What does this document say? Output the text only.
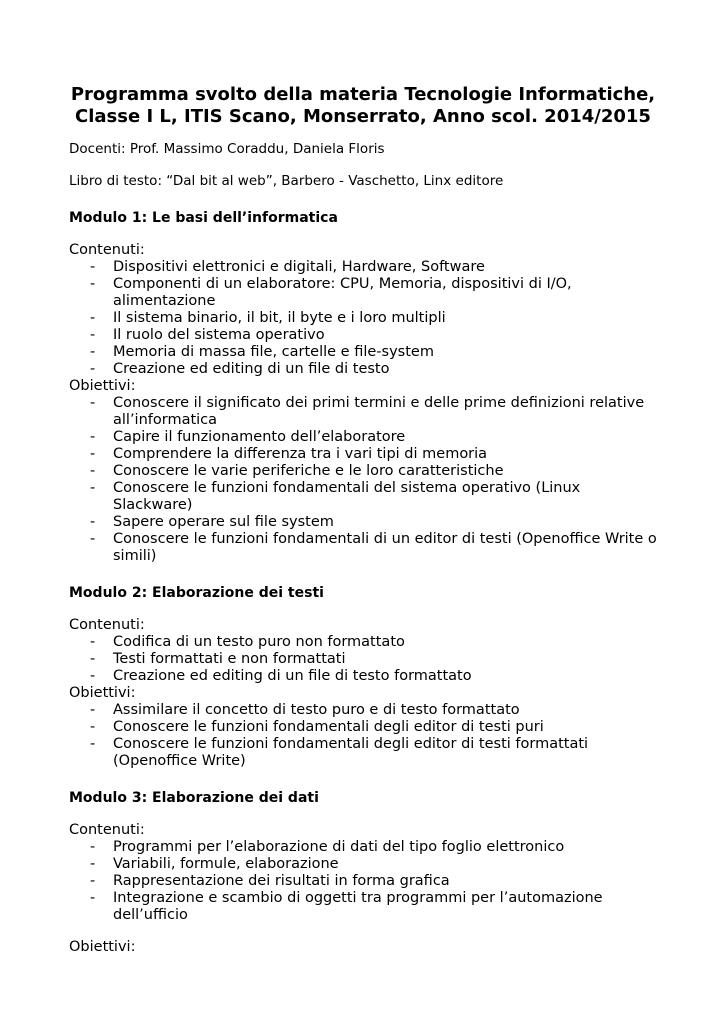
Programma svolto della materia Tecnologie Informatiche,
Classe I L, ITIS Scano, Monserrato, Anno scol. 2014/2015

Docenti: Prof. Massimo Coraddu, Daniela Floris

Libro di testo: “Dal bit al web”, Barbero - Vaschetto, Linx editore

Modulo 1: Le basi dell’informatica

Contenuti:

- Dispositivi elettronici e digitali, Hardware, Software
- Componenti di un elaboratore: CPU, Memoria, dispositivi di I/O, alimentazione
- Il sistema binario, il bit, il byte e i loro multipli
- Il ruolo del sistema operativo
- Memoria di massa file, cartelle e file-system
- Creazione ed editing di un file di testo

Obiettivi:

- Conoscere il significato dei primi termini e delle prime definizioni relative all’informatica
- Capire il funzionamento dell’elaboratore
- Comprendere la differenza tra i vari tipi di memoria
- Conoscere le varie periferiche e le loro caratteristiche
- Conoscere le funzioni fondamentali del sistema operativo (Linux Slackware)
- Sapere operare sul file system
- Conoscere le funzioni fondamentali di un editor di testi (Openoffice Write o simili)
Modulo 2: Elaborazione dei testi

Contenuti:

- Codifica di un testo puro non formattato
- Testi formattati e non formattati
- Creazione ed editing di un file di testo formattato

Obiettivi:

- Assimilare il concetto di testo puro e di testo formattato
- Conoscere le funzioni fondamentali degli editor di testi puri
- Conoscere le funzioni fondamentali degli editor di testi formattati (Openoffice Write)
Modulo 3: Elaborazione dei dati

Contenuti:

- Programmi per l’elaborazione di dati del tipo foglio elettronico
- Variabili, formule, elaborazione
- Rappresentazione dei risultati in forma grafica
- Integrazione e scambio di oggetti tra programmi per l’automazione dell’ufficio

Obiettivi:
